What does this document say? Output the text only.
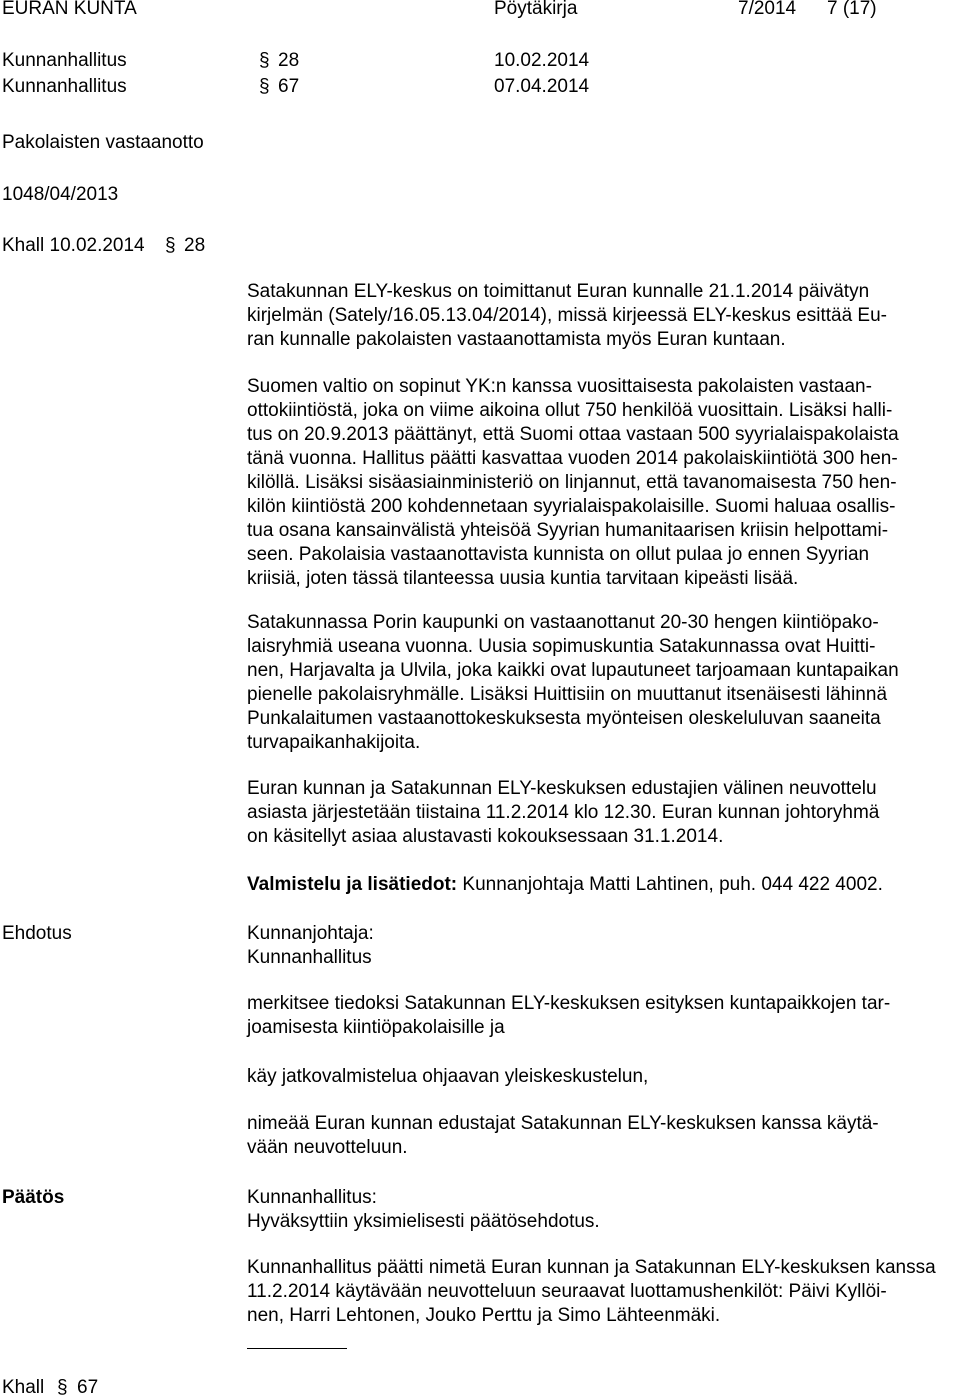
EURAN KUNTA	Pöytäkirja	7/2014 7 (17)
Kunnanhallitus	§ 28	10.02.2014
Kunnanhallitus	§ 67	07.04.2014
Pakolaisten vastaanotto
1048/04/2013
Khall 10.02.2014 § 28
Satakunnan ELY-keskus on toimittanut Euran kunnalle 21.1.2014 päivätyn
kirjelmän (Sately/16.05.13.04/2014), missä kirjeessä ELY-keskus esittää Eu-
ran kunnalle pakolaisten vastaanottamista myös Euran kuntaan.
Suomen valtio on sopinut YK:n kanssa vuosittaisesta pakolaisten vastaan-
ottokiintiöstä, joka on viime aikoina ollut 750 henkilöä vuosittain. Lisäksi halli-
tus on 20.9.2013 päättänyt, että Suomi ottaa vastaan 500 syyrialaispakolaista
tänä vuonna. Hallitus päätti kasvattaa vuoden 2014 pakolaiskiintiötä 300 hen-
kilöllä. Lisäksi sisäasiainministeriö on linjannut, että tavanomaisesta 750 hen-
kilön kiintiöstä 200 kohdennetaan syyrialaispakolaisille. Suomi haluaa osallis-
tua osana kansainvälistä yhteisöä Syyrian humanitaarisen kriisin helpottami-
seen. Pakolaisia vastaanottavista kunnista on ollut pulaa jo ennen Syyrian
kriisiä, joten tässä tilanteessa uusia kuntia tarvitaan kipeästi lisää.
Satakunnassa Porin kaupunki on vastaanottanut 20-30 hengen kiintiöpako-
laisryhmiä useana vuonna. Uusia sopimuskuntia Satakunnassa ovat Huitti-
nen, Harjavalta ja Ulvila, joka kaikki ovat lupautuneet tarjoamaan kuntapaikan
pienelle pakolaisryhmälle. Lisäksi Huittisiin on muuttanut itsenäisesti lähinnä
Punkalaitumen vastaanottokeskuksesta myönteisen oleskeluluvan saaneita
turvapaikanhakijoita.
Euran kunnan ja Satakunnan ELY-keskuksen edustajien välinen neuvottelu
asiasta järjestetään tiistaina 11.2.2014 klo 12.30. Euran kunnan johtoryhmä
on käsitellyt asiaa alustavasti kokouksessaan 31.1.2014.
Valmistelu ja lisätiedot: Kunnanjohtaja Matti Lahtinen, puh. 044 422 4002.
Ehdotus	Kunnanjohtaja:
Kunnanhallitus
merkitsee tiedoksi Satakunnan ELY-keskuksen esityksen kuntapaikkojen tar-
joamisesta kiintiöpakolaisille ja
käy jatkovalmistelua ohjaavan yleiskeskustelun,
nimeää Euran kunnan edustajat Satakunnan ELY-keskuksen kanssa käytä-
vään neuvotteluun.
Päätös	Kunnanhallitus:
Hyväksyttiin yksimielisesti päätösehdotus.
Kunnanhallitus päätti nimetä Euran kunnan ja Satakunnan ELY-keskuksen kanssa
11.2.2014 käytävään neuvotteluun seuraavat luottamushenkilöt: Päivi Kyllöi-
nen, Harri Lehtonen, Jouko Perttu ja Simo Lähteenmäki.
Khall § 67
